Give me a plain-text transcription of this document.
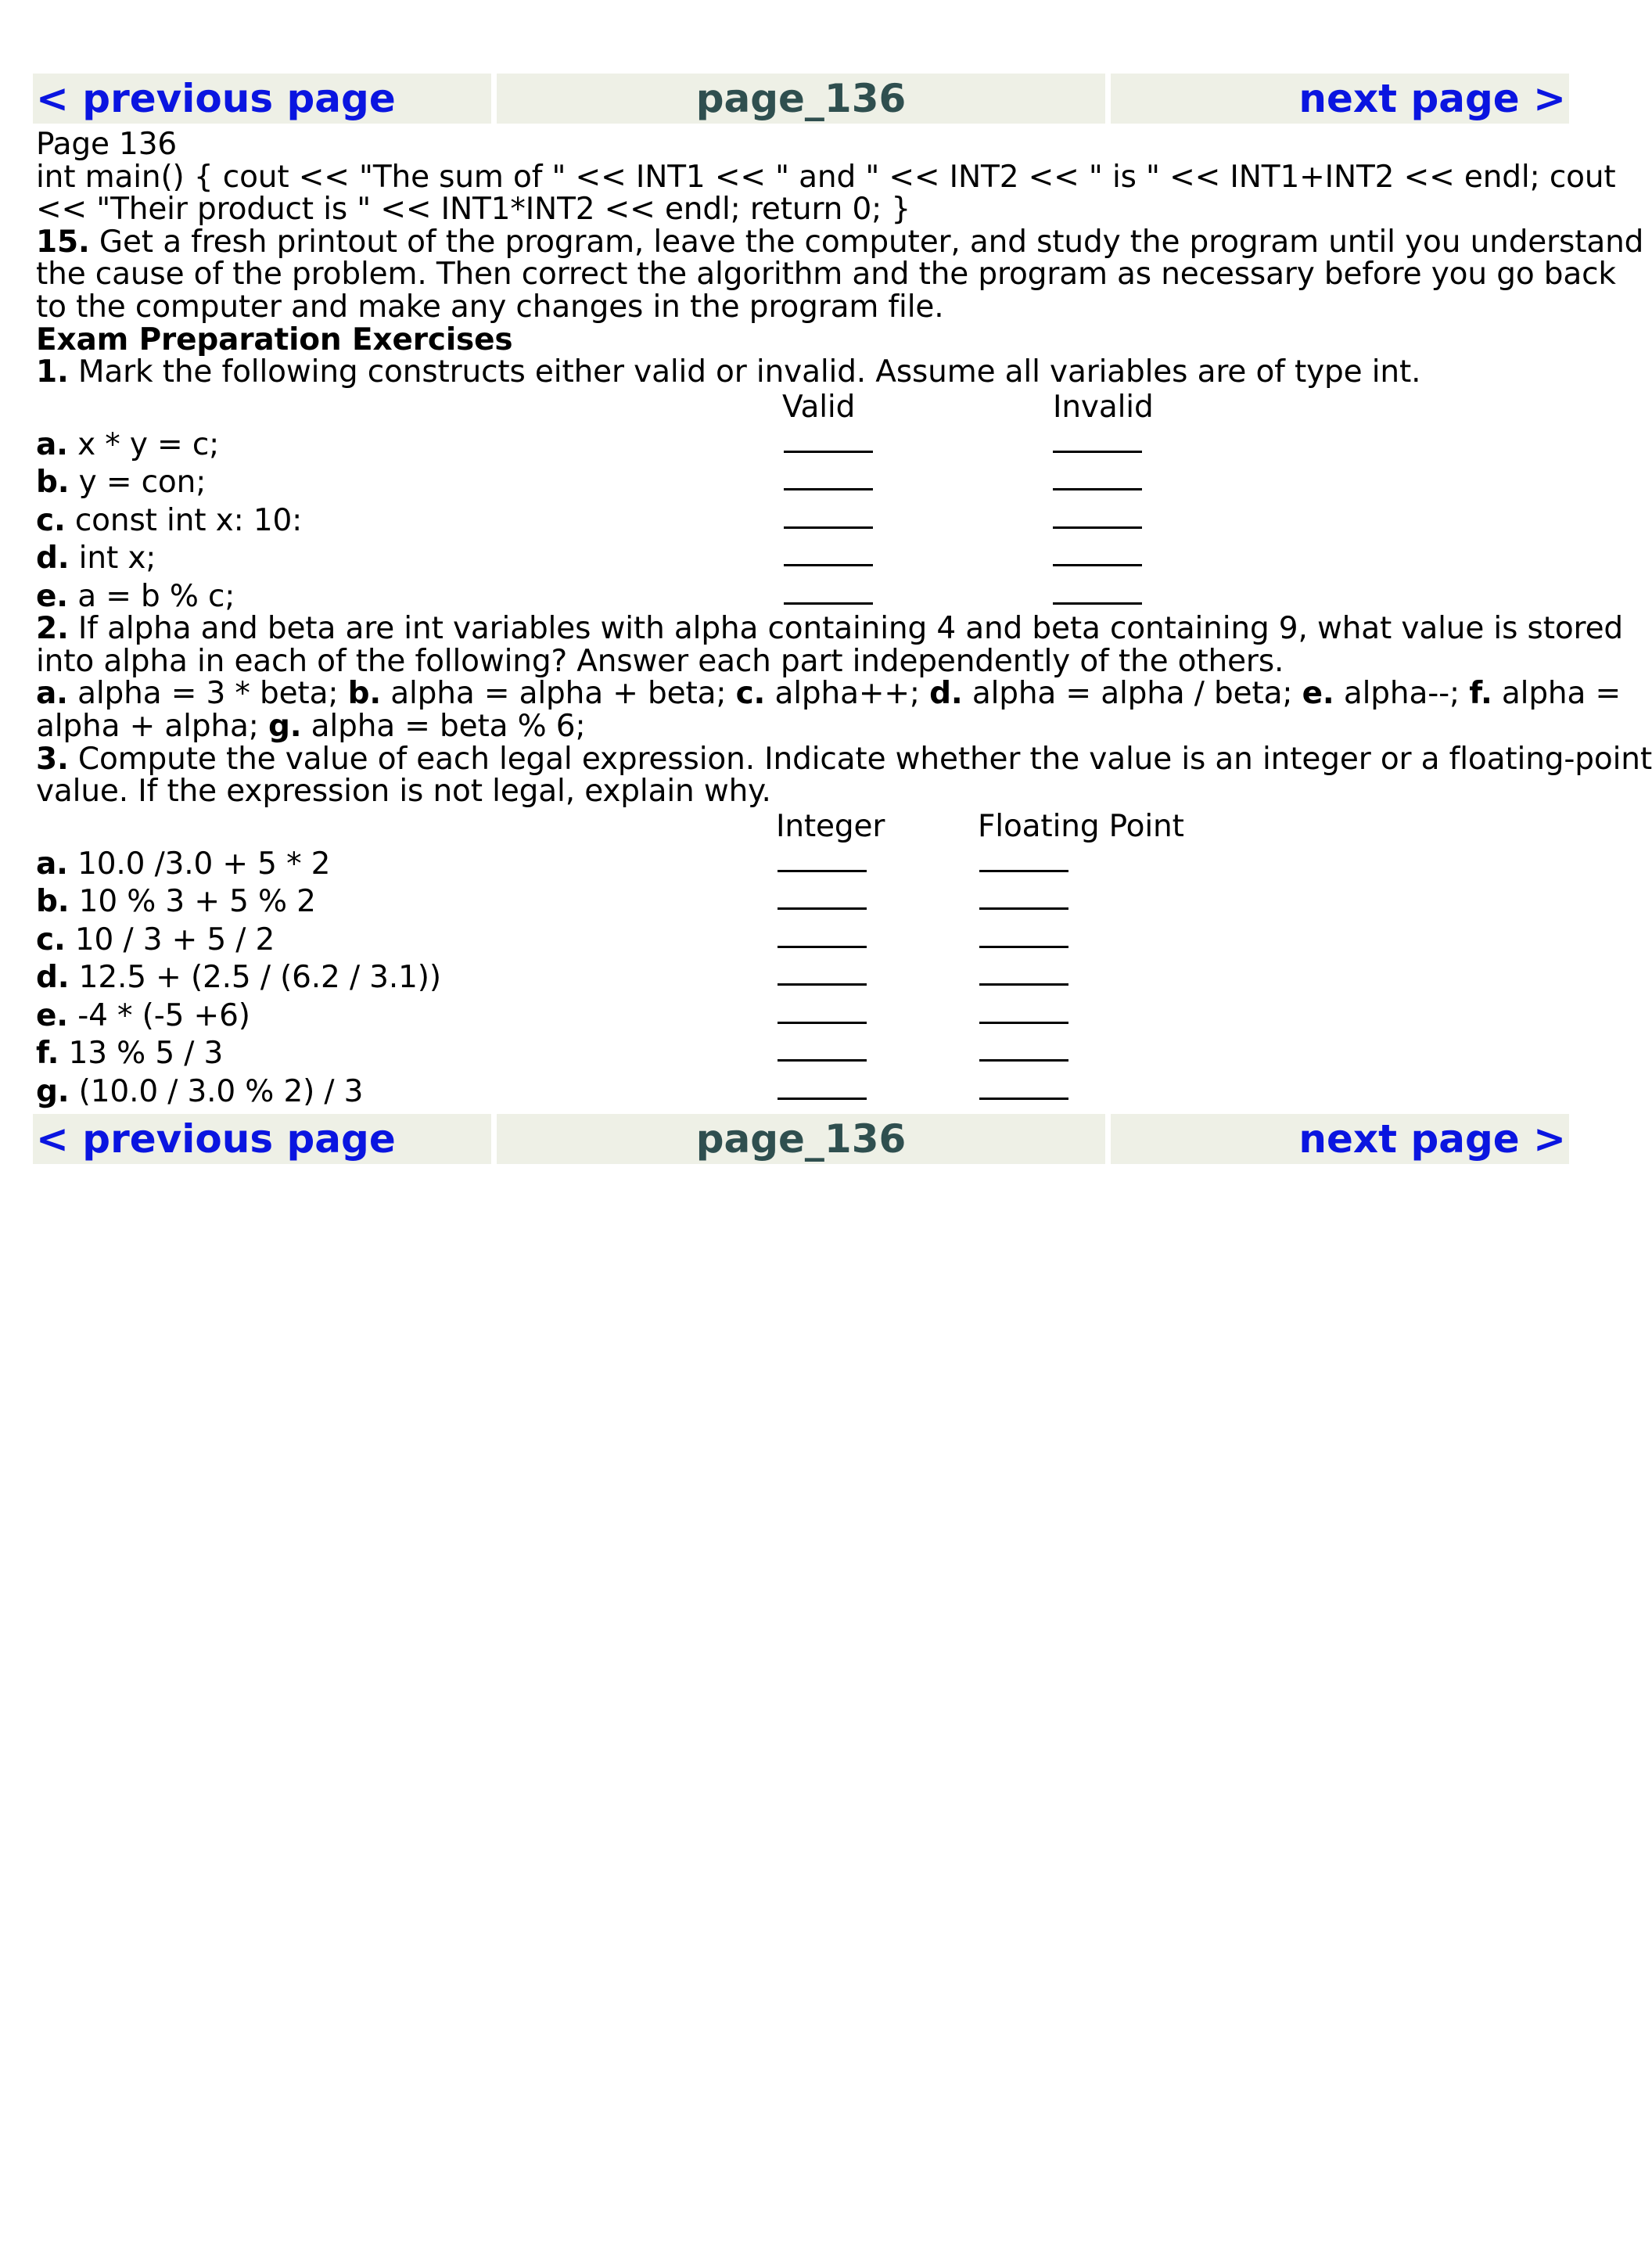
< previous page	page_136	next page >
Page 136
int main() { cout << "The sum of " << INT1 << " and " << INT2 << " is " << INT1+INT2 << endl; cout
<< "Their product is " << INT1*INT2 << endl; return 0; }
15. Get a fresh printout of the program, leave the computer, and study the program until you understand
the cause of the problem. Then correct the algorithm and the program as necessary before you go back
to the computer and make any changes in the program file.
Exam Preparation Exercises
1. Mark the following constructs either valid or invalid. Assume all variables are of type int.
Valid	Invalid
a. x * y = c;
b. y = con;
c. const int x: 10:
d. int x;
e. a = b % c;
2. If alpha and beta are int variables with alpha containing 4 and beta containing 9, what value is stored
into alpha in each of the following? Answer each part independently of the others.
a. alpha = 3 * beta; b. alpha = alpha + beta; c. alpha++; d. alpha = alpha / beta; e. alpha--; f. alpha =
alpha + alpha; g. alpha = beta % 6;
3. Compute the value of each legal expression. Indicate whether the value is an integer or a floating-point
value. If the expression is not legal, explain why.
Integer	Floating Point
a. 10.0 /3.0 + 5 * 2
b. 10 % 3 + 5 % 2
c. 10 / 3 + 5 / 2
d. 12.5 + (2.5 / (6.2 / 3.1))
e. -4 * (-5 +6)
f. 13 % 5 / 3
g. (10.0 / 3.0 % 2) / 3
< previous page	page_136	next page >
